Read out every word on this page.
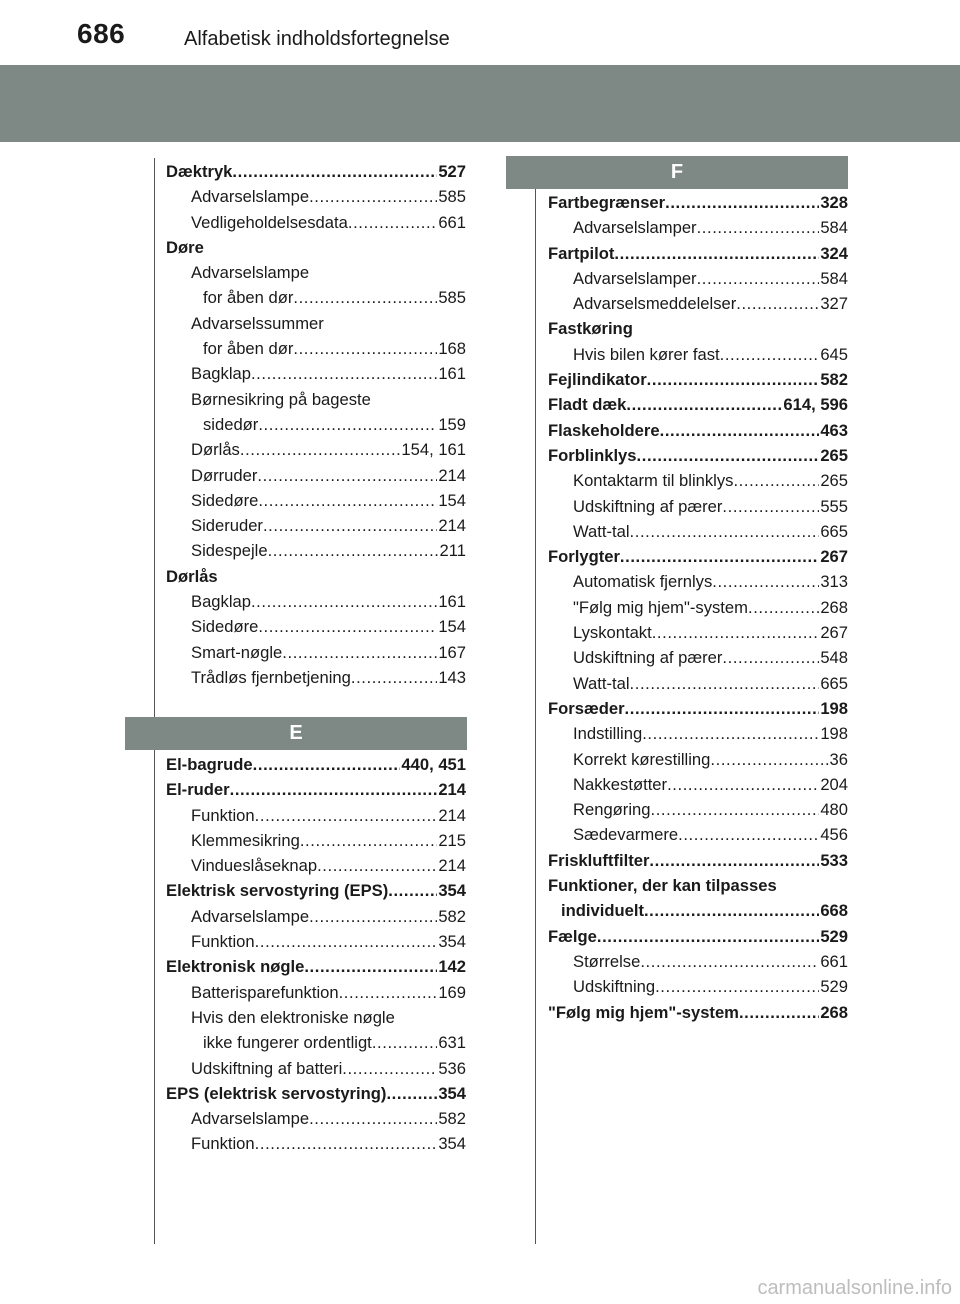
686	Alfabetisk indholdsfortegnelse
Dæktryk .....	527
Advarselslampe .....	585
Vedligeholdelsesdata .....	661
Døre
Advarselslampe
for åben dør .....	585
Advarselssummer
for åben dør .....	168
Bagklap .....	161
Børnesikring på bageste
sidedør .....	159
Dørlås .....	154, 161
Dørruder .....	214
Sidedøre .....	154
Sideruder .....	214
Sidespejle .....	211
Dørlås
Bagklap .....	161
Sidedøre .....	154
Smart-nøgle .....	167
Trådløs fjernbetjening .....	143
E
El-bagrude .....	440, 451
El-ruder .....	214
Funktion .....	214
Klemmesikring .....	215
Vindueslåseknap .....	214
Elektrisk servostyring (EPS) .....	354
Advarselslampe .....	582
Funktion .....	354
Elektronisk nøgle .....	142
Batterisparefunktion .....	169
Hvis den elektroniske nøgle
ikke fungerer ordentligt .....	631
Udskiftning af batteri .....	536
EPS (elektrisk servostyring) .....	354
Advarselslampe .....	582
Funktion .....	354
F
Fartbegrænser .....	328
Advarselslamper .....	584
Fartpilot .....	324
Advarselslamper .....	584
Advarselsmeddelelser .....	327
Fastkøring
Hvis bilen kører fast .....	645
Fejlindikator .....	582
Fladt dæk .....	614, 596
Flaskeholdere .....	463
Forblinklys .....	265
Kontaktarm til blinklys .....	265
Udskiftning af pærer .....	555
Watt-tal .....	665
Forlygter .....	267
Automatisk fjernlys .....	313
"Følg mig hjem"-system .....	268
Lyskontakt .....	267
Udskiftning af pærer .....	548
Watt-tal .....	665
Forsæder .....	198
Indstilling .....	198
Korrekt kørestilling .....	36
Nakkestøtter .....	204
Rengøring .....	480
Sædevarmere .....	456
Friskluftfilter .....	533
Funktioner, der kan tilpasses
individuelt .....	668
Fælge .....	529
Størrelse .....	661
Udskiftning .....	529
"Følg mig hjem"-system .....	268
carmanualsonline.info
